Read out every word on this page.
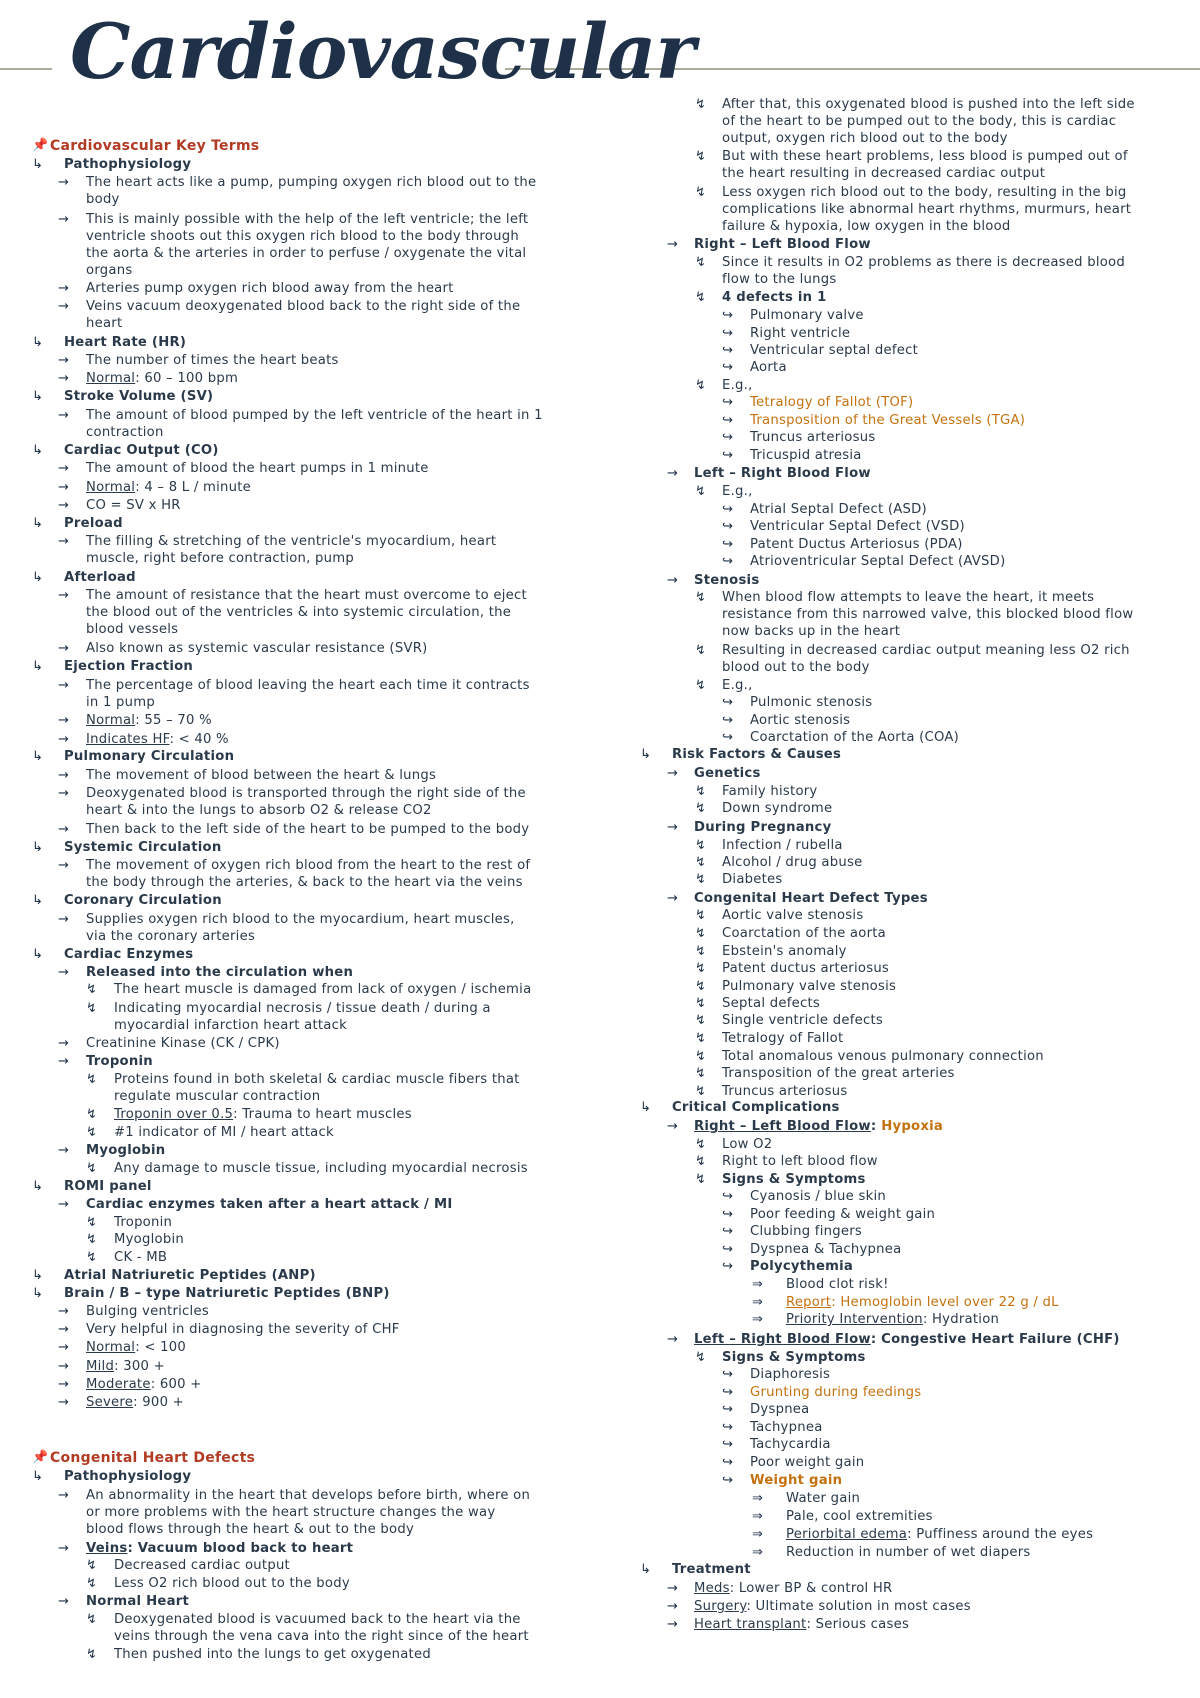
Cardiovascular
📌 Cardiovascular Key Terms
↳ Pathophysiology
→ The heart acts like a pump, pumping oxygen rich blood out to the
body
→ This is mainly possible with the help of the left ventricle; the left
ventricle shoots out this oxygen rich blood to the body through
the aorta & the arteries in order to perfuse / oxygenate the vital
organs
→ Arteries pump oxygen rich blood away from the heart
→ Veins vacuum deoxygenated blood back to the right side of the
heart
↳ Heart Rate (HR)
→ The number of times the heart beats
→ Normal: 60 – 100 bpm
↳ Stroke Volume (SV)
→ The amount of blood pumped by the left ventricle of the heart in 1
contraction
↳ Cardiac Output (CO)
→ The amount of blood the heart pumps in 1 minute
→ Normal: 4 – 8 L / minute
→ CO = SV x HR
↳ Preload
→ The filling & stretching of the ventricle's myocardium, heart
muscle, right before contraction, pump
↳ Afterload
→ The amount of resistance that the heart must overcome to eject
the blood out of the ventricles & into systemic circulation, the
blood vessels
→ Also known as systemic vascular resistance (SVR)
↳ Ejection Fraction
→ The percentage of blood leaving the heart each time it contracts
in 1 pump
→ Normal: 55 – 70 %
→ Indicates HF: < 40 %
↳ Pulmonary Circulation
→ The movement of blood between the heart & lungs
→ Deoxygenated blood is transported through the right side of the
heart & into the lungs to absorb O2 & release CO2
→ Then back to the left side of the heart to be pumped to the body
↳ Systemic Circulation
→ The movement of oxygen rich blood from the heart to the rest of
the body through the arteries, & back to the heart via the veins
↳ Coronary Circulation
→ Supplies oxygen rich blood to the myocardium, heart muscles,
via the coronary arteries
↳ Cardiac Enzymes
→ Released into the circulation when
↯ The heart muscle is damaged from lack of oxygen / ischemia
↯ Indicating myocardial necrosis / tissue death / during a
myocardial infarction heart attack
→ Creatinine Kinase (CK / CPK)
→ Troponin
↯ Proteins found in both skeletal & cardiac muscle fibers that
regulate muscular contraction
↯ Troponin over 0.5: Trauma to heart muscles
↯ #1 indicator of MI / heart attack
→ Myoglobin
↯ Any damage to muscle tissue, including myocardial necrosis
↳ ROMI panel
→ Cardiac enzymes taken after a heart attack / MI
↯ Troponin
↯ Myoglobin
↯ CK - MB
↳ Atrial Natriuretic Peptides (ANP)
↳ Brain / B – type Natriuretic Peptides (BNP)
→ Bulging ventricles
→ Very helpful in diagnosing the severity of CHF
→ Normal: < 100
→ Mild: 300 +
→ Moderate: 600 +
→ Severe: 900 +
📌 Congenital Heart Defects
↳ Pathophysiology
→ An abnormality in the heart that develops before birth, where on
or more problems with the heart structure changes the way
blood flows through the heart & out to the body
→ Veins: Vacuum blood back to heart
↯ Decreased cardiac output
↯ Less O2 rich blood out to the body
→ Normal Heart
↯ Deoxygenated blood is vacuumed back to the heart via the
veins through the vena cava into the right since of the heart
↯ Then pushed into the lungs to get oxygenated
↯ After that, this oxygenated blood is pushed into the left side
of the heart to be pumped out to the body, this is cardiac
output, oxygen rich blood out to the body
↯ But with these heart problems, less blood is pumped out of
the heart resulting in decreased cardiac output
↯ Less oxygen rich blood out to the body, resulting in the big
complications like abnormal heart rhythms, murmurs, heart
failure & hypoxia, low oxygen in the blood
→ Right – Left Blood Flow
↯ Since it results in O2 problems as there is decreased blood
flow to the lungs
↯ 4 defects in 1
↪ Pulmonary valve
↪ Right ventricle
↪ Ventricular septal defect
↪ Aorta
↯ E.g.,
↪ Tetralogy of Fallot (TOF)
↪ Transposition of the Great Vessels (TGA)
↪ Truncus arteriosus
↪ Tricuspid atresia
→ Left – Right Blood Flow
↯ E.g.,
↪ Atrial Septal Defect (ASD)
↪ Ventricular Septal Defect (VSD)
↪ Patent Ductus Arteriosus (PDA)
↪ Atrioventricular Septal Defect (AVSD)
→ Stenosis
↯ When blood flow attempts to leave the heart, it meets
resistance from this narrowed valve, this blocked blood flow
now backs up in the heart
↯ Resulting in decreased cardiac output meaning less O2 rich
blood out to the body
↯ E.g.,
↪ Pulmonic stenosis
↪ Aortic stenosis
↪ Coarctation of the Aorta (COA)
↳ Risk Factors & Causes
→ Genetics
↯ Family history
↯ Down syndrome
→ During Pregnancy
↯ Infection / rubella
↯ Alcohol / drug abuse
↯ Diabetes
→ Congenital Heart Defect Types
↯ Aortic valve stenosis
↯ Coarctation of the aorta
↯ Ebstein's anomaly
↯ Patent ductus arteriosus
↯ Pulmonary valve stenosis
↯ Septal defects
↯ Single ventricle defects
↯ Tetralogy of Fallot
↯ Total anomalous venous pulmonary connection
↯ Transposition of the great arteries
↯ Truncus arteriosus
↳ Critical Complications
→ Right – Left Blood Flow: Hypoxia
↯ Low O2
↯ Right to left blood flow
↯ Signs & Symptoms
↪ Cyanosis / blue skin
↪ Poor feeding & weight gain
↪ Clubbing fingers
↪ Dyspnea & Tachypnea
↪ Polycythemia
⇒ Blood clot risk!
⇒ Report: Hemoglobin level over 22 g / dL
⇒ Priority Intervention: Hydration
→ Left – Right Blood Flow: Congestive Heart Failure (CHF)
↯ Signs & Symptoms
↪ Diaphoresis
↪ Grunting during feedings
↪ Dyspnea
↪ Tachypnea
↪ Tachycardia
↪ Poor weight gain
↪ Weight gain
⇒ Water gain
⇒ Pale, cool extremities
⇒ Periorbital edema: Puffiness around the eyes
⇒ Reduction in number of wet diapers
↳ Treatment
→ Meds: Lower BP & control HR
→ Surgery: Ultimate solution in most cases
→ Heart transplant: Serious cases
